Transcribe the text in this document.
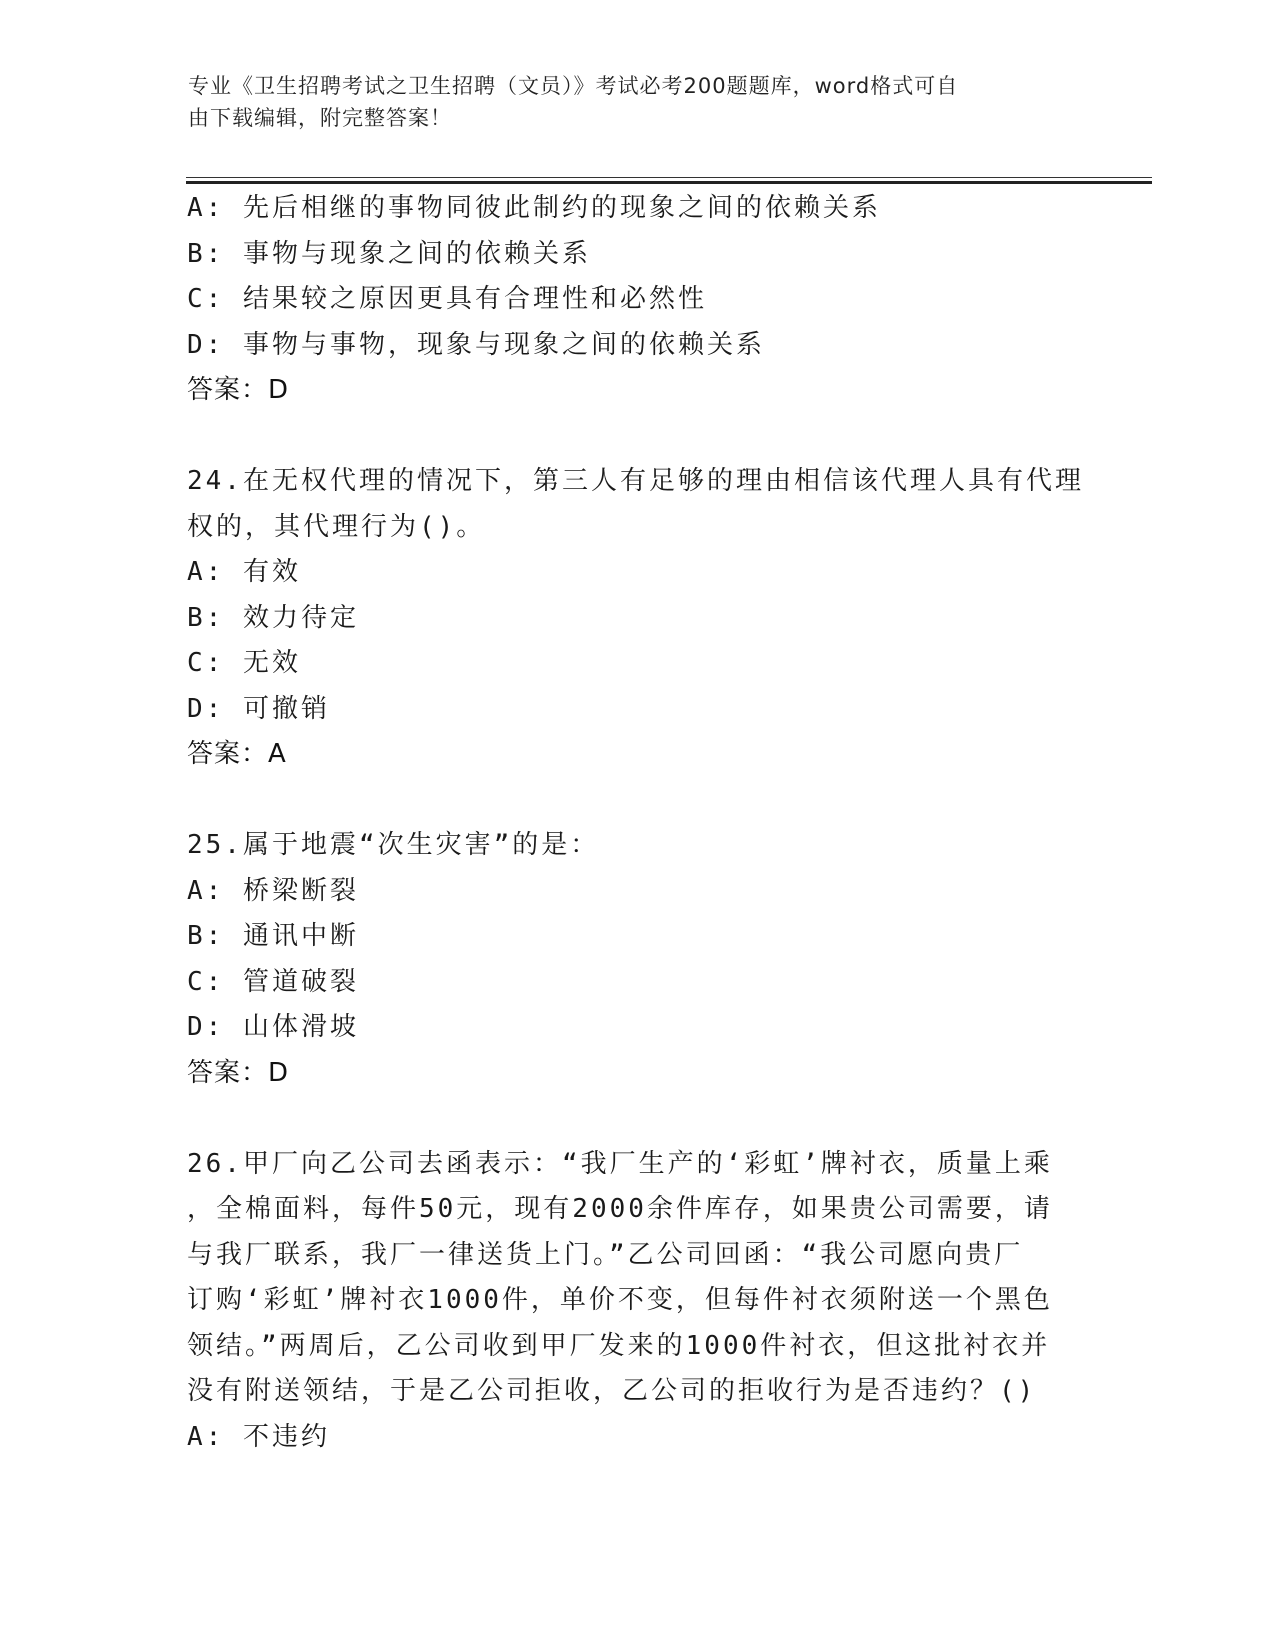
专业《卫生招聘考试之卫生招聘（文员）》考试必考200题题库，word格式可自
由下载编辑，附完整答案！
A: 先后相继的事物同彼此制约的现象之间的依赖关系
B: 事物与现象之间的依赖关系
C: 结果较之原因更具有合理性和必然性
D: 事物与事物，现象与现象之间的依赖关系
答案：D
24.在无权代理的情况下，第三人有足够的理由相信该代理人具有代理
权的，其代理行为()。
A: 有效
B: 效力待定
C: 无效
D: 可撤销
答案：A
25.属于地震“次生灾害”的是：
A: 桥梁断裂
B: 通讯中断
C: 管道破裂
D: 山体滑坡
答案：D
26.甲厂向乙公司去函表示：“我厂生产的‘彩虹’牌衬衣，质量上乘
，全棉面料，每件50元，现有2000余件库存，如果贵公司需要，请
与我厂联系，我厂一律送货上门。”乙公司回函：“我公司愿向贵厂
订购‘彩虹’牌衬衣1000件，单价不变，但每件衬衣须附送一个黑色
领结。”两周后，乙公司收到甲厂发来的1000件衬衣，但这批衬衣并
没有附送领结，于是乙公司拒收，乙公司的拒收行为是否违约？()
A: 不违约
